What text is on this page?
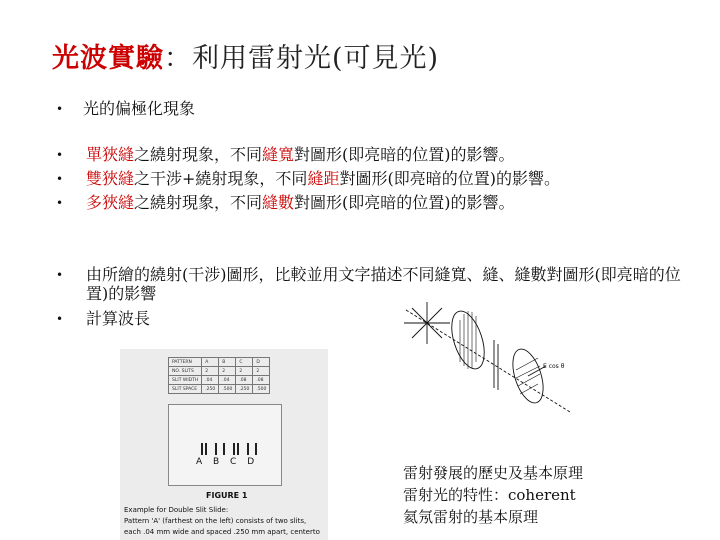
光波實驗：利用雷射光(可見光)
•	光的偏極化現象
•	單狹縫之繞射現象，不同縫寬對圖形(即亮暗的位置)的影響。
•	雙狹縫之干涉+繞射現象，不同縫距對圖形(即亮暗的位置)的影響。
•	多狹縫之繞射現象，不同縫數對圖形(即亮暗的位置)的影響。
•	由所繪的繞射(干涉)圖形，比較並用文字描述不同縫寬、縫、縫數對圖形(即亮暗的位置)的影響
•	計算波長
PATTERN	A	B	C	D
NO. SLITS	2	2	2	2
SLIT WIDTH	.04	.04	.08	.08
SLIT SPACE	.250	.500	.250	.500
A B C D
FIGURE 1
Example for Double Slit Slide:
Pattern 'A' (farthest on the left) consists of two slits,
each .04 mm wide and spaced .250 mm apart, centerto
E cos θ
雷射發展的歷史及基本原理
雷射光的特性：coherent
氦氖雷射的基本原理
